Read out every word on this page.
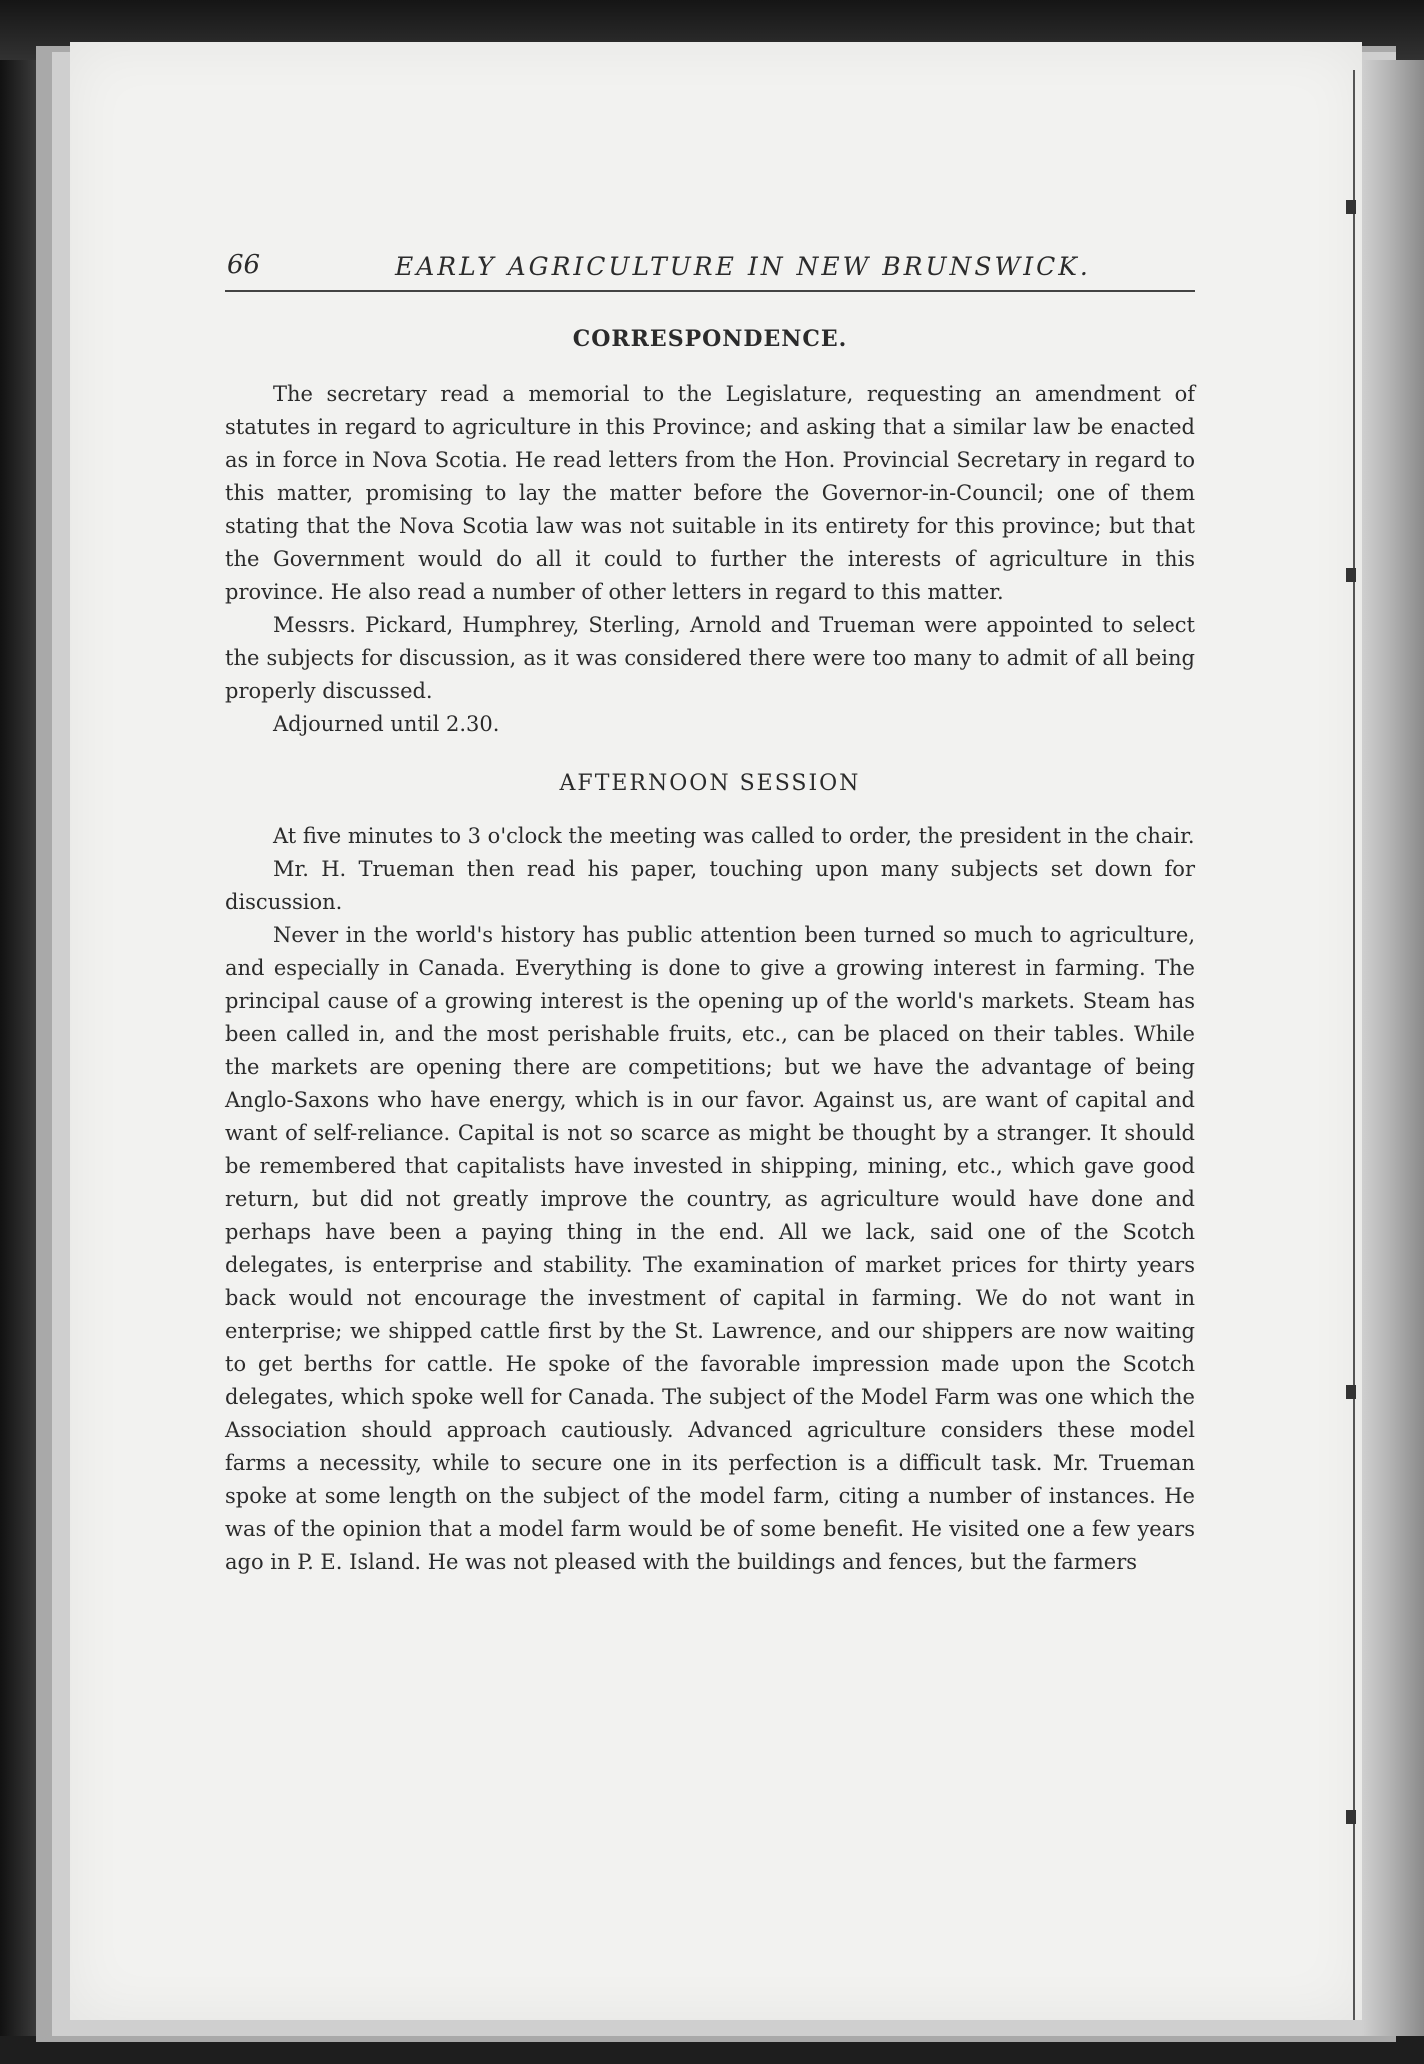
66	EARLY AGRICULTURE IN NEW BRUNSWICK.
CORRESPONDENCE.

The secretary read a memorial to the Legislature, requesting an amendment of statutes in regard to agriculture in this Province; and asking that a similar law be enacted as in force in Nova Scotia. He read letters from the Hon. Provincial Secretary in regard to this matter, promising to lay the matter before the Governor-in-Council; one of them stating that the Nova Scotia law was not suitable in its entirety for this province; but that the Government would do all it could to further the interests of agriculture in this province. He also read a number of other letters in regard to this matter.

Messrs. Pickard, Humphrey, Sterling, Arnold and Trueman were appointed to select the subjects for discussion, as it was considered there were too many to admit of all being properly discussed.

Adjourned until 2.30.

AFTERNOON SESSION

At five minutes to 3 o'clock the meeting was called to order, the president in the chair.

Mr. H. Trueman then read his paper, touching upon many subjects set down for discussion.

Never in the world's history has public attention been turned so much to agriculture, and especially in Canada. Everything is done to give a growing interest in farming. The principal cause of a growing interest is the opening up of the world's markets. Steam has been called in, and the most perishable fruits, etc., can be placed on their tables. While the markets are opening there are competitions; but we have the advantage of being Anglo-Saxons who have energy, which is in our favor. Against us, are want of capital and want of self-reliance. Capital is not so scarce as might be thought by a stranger. It should be remembered that capitalists have invested in shipping, mining, etc., which gave good return, but did not greatly improve the country, as agriculture would have done and perhaps have been a paying thing in the end. All we lack, said one of the Scotch delegates, is enterprise and stability. The examination of market prices for thirty years back would not encourage the investment of capital in farming. We do not want in enterprise; we shipped cattle first by the St. Lawrence, and our shippers are now waiting to get berths for cattle. He spoke of the favorable impression made upon the Scotch delegates, which spoke well for Canada. The subject of the Model Farm was one which the Association should approach cautiously. Advanced agriculture considers these model farms a necessity, while to secure one in its perfection is a difficult task. Mr. Trueman spoke at some length on the subject of the model farm, citing a number of instances. He was of the opinion that a model farm would be of some benefit. He visited one a few years ago in P. E. Island. He was not pleased with the buildings and fences, but the farmers
